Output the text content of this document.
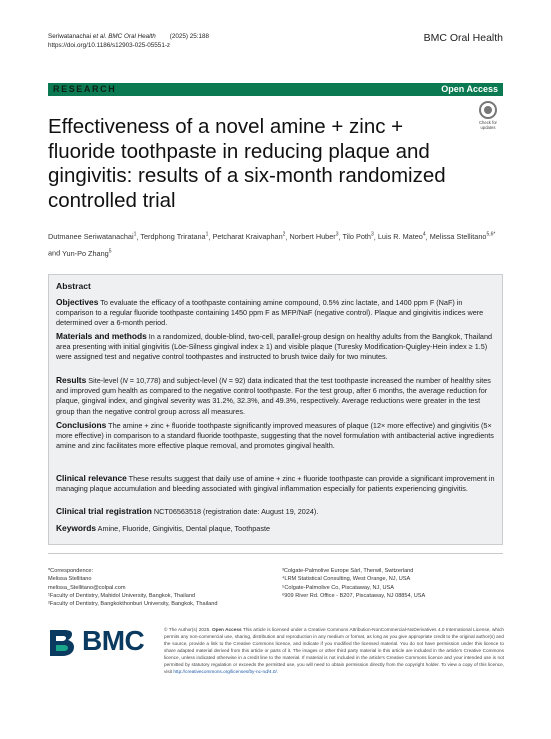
Seriwatanachai et al. BMC Oral Health        (2025) 25:188
https://doi.org/10.1186/s12903-025-05551-z
BMC Oral Health
RESEARCH	Open Access
Check for
updates
Effectiveness of a novel amine + zinc + fluoride toothpaste in reducing plaque and gingivitis: results of a six-month randomized controlled trial
Dutmanee Seriwatanachai$^1$, Terdphong Triratana$^1$, Petcharat Kraivaphan$^2$, Norbert Huber$^3$, Tilo Poth$^3$, Luis R. Mateo$^4$, Melissa Stellitano$^{5,6*}$ and Yun-Po Zhang$^5$
Abstract
Objectives To evaluate the efficacy of a toothpaste containing amine compound, 0.5% zinc lactate, and 1400 ppm F (NaF) in comparison to a regular fluoride toothpaste containing 1450 ppm F as MFP/NaF (negative control). Plaque and gingivitis indices were determined over a 6-month period.
Materials and methods In a randomized, double-blind, two-cell, parallel-group design on healthy adults from the Bangkok, Thailand area presenting with initial gingivitis (Löe-Silness gingival index ≥ 1) and visible plaque (Turesky Modification-Quigley-Hein index ≥ 1.5) were assigned test and negative control toothpastes and instructed to brush twice daily for two minutes.
Results Site-level (N = 10,778) and subject-level (N = 92) data indicated that the test toothpaste increased the number of healthy sites and improved gum health as compared to the negative control toothpaste. For the test group, after 6 months, the average reduction for plaque, gingival index, and gingival severity was 31.2%, 32.3%, and 49.3%, respectively. Average reductions were greater in the test group than the negative control group across all measures.
Conclusions The amine + zinc + fluoride toothpaste significantly improved measures of plaque (12× more effective) and gingivitis (5× more effective) in comparison to a standard fluoride toothpaste, suggesting that the novel formulation with antibacterial active ingredients amine and zinc facilitates more effective plaque removal, and promotes gingival health.
Clinical relevance These results suggest that daily use of amine + zinc + fluoride toothpaste can provide a significant improvement in managing plaque accumulation and bleeding associated with gingival inflammation especially for patients experiencing gingivitis.
Clinical trial registration NCT06563518 (registration date: August 19, 2024).
Keywords Amine, Fluoride, Gingivitis, Dental plaque, Toothpaste
*Correspondence:
Melissa Stellitano
melissa_Stellitano@colpal.com
¹Faculty of Dentistry, Mahidol University, Bangkok, Thailand
²Faculty of Dentistry, Bangkokthonburi University, Bangkok, Thailand
³Colgate-Palmolive Europe Sàrl, Therwil, Switzerland
⁴LRM Statistical Consulting, West Orange, NJ, USA
⁵Colgate-Palmolive Co, Piscataway, NJ, USA
⁶909 River Rd. Office - B207, Piscataway, NJ 08854, USA
BMC	© The Author(s) 2025. Open Access This article is licensed under a Creative Commons Attribution-NonCommercial-NoDerivatives 4.0 International License, which permits any non-commercial use, sharing, distribution and reproduction in any medium or format, as long as you give appropriate credit to the original author(s) and the source, provide a link to the Creative Commons licence, and indicate if you modified the licensed material. You do not have permission under this licence to share adapted material derived from this article or parts of it. The images or other third party material in this article are included in the article's Creative Commons licence, unless indicated otherwise in a credit line to the material. If material is not included in the article's Creative Commons licence and your intended use is not permitted by statutory regulation or exceeds the permitted use, you will need to obtain permission directly from the copyright holder. To view a copy of this licence, visit http://creativecommons.org/licenses/by-nc-nd/4.0/.
